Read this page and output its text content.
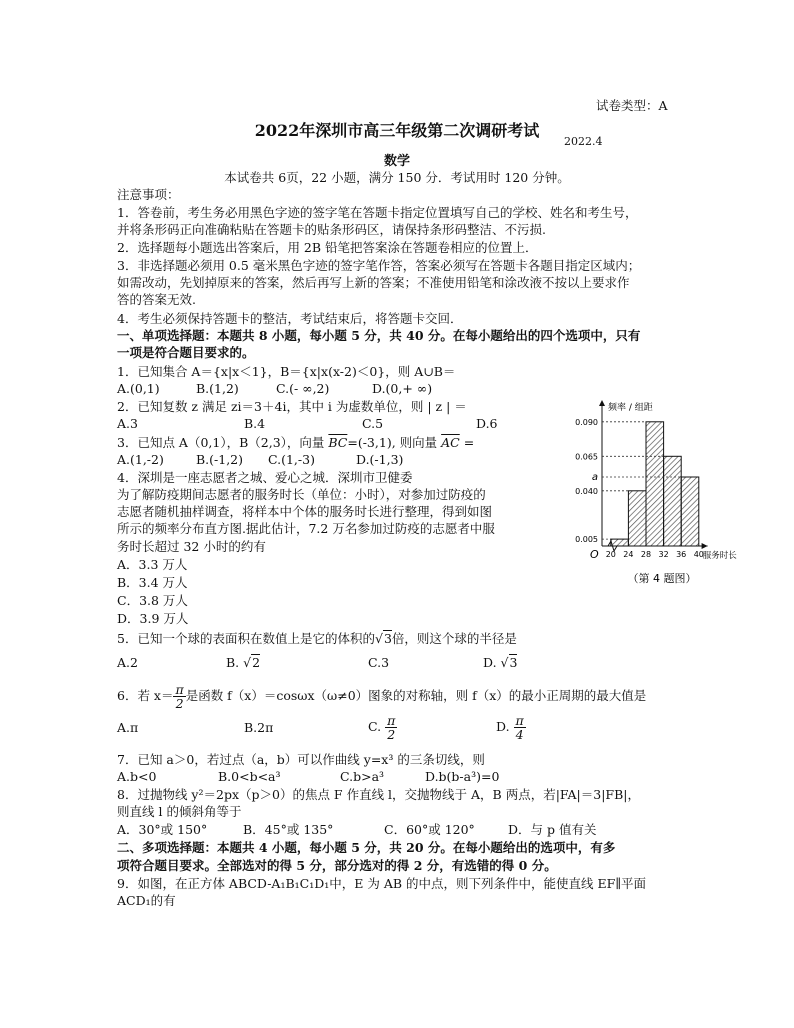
试卷类型：A
2022年深圳市高三年级第二次调研考试
2022.4
数学
本试卷共 6页，22 小题，满分 150 分．考试用时 120 分钟。
注意事项：
1．答卷前，考生务必用黑色字迹的签字笔在答题卡指定位置填写自己的学校、姓名和考生号，
并将条形码正向准确粘贴在答题卡的贴条形码区，请保持条形码整洁、不污损.
2．选择题每小题选出答案后，用 2B 铅笔把答案涂在答题卷相应的位置上．
3．非选择题必须用 0.5 毫米黑色字迹的签字笔作答，答案必须写在答题卡各题目指定区域内；
如需改动，先划掉原来的答案，然后再写上新的答案；不准使用铅笔和涂改液不按以上要求作
答的答案无效.
4．考生必须保持答题卡的整洁，考试结束后，将答题卡交回．
一、单项选择题：本题共 8 小题，每小题 5 分，共 40 分。在每小题给出的四个选项中，只有
一项是符合题目要求的。
1．已知集合 A＝{x|x＜1}，B＝{x|x(x-2)＜0}，则 A∪B＝
A.(0,1)	B.(1,2)	C.(- ∞,2)	D.(0,+ ∞)
2．已知复数 z 满足 zi＝3＋4i，其中 i 为虚数单位，则 | z | ＝
A.3	B.4	C.5	D.6
3．已知点 A（0,1），B（2,3），向量 $\overline{BC}=(-3,1)$, 则向量 $\overline{AC}$ =
A.(1,-2)	B.(-1,2) C.(1,-3)	D.(-1,3)
4．深圳是一座志愿者之城、爱心之城．深圳市卫健委
为了解防疫期间志愿者的服务时长（单位：小时），对参加过防疫的
志愿者随机抽样调查，将样本中个体的服务时长进行整理，得到如图
所示的频率分布直方图.据此估计，7.2 万名参加过防疫的志愿者中服
务时长超过 32 小时的约有
A．3.3 万人
B．3.4 万人
C．3.8 万人
D．3.9 万人
频率 / 组距
服务时长
O
0.005
0.040
a
0.065
0.090
20 24 28 32 36 40
（第 4 题图）
5．已知一个球的表面积在数值上是它的体积的√3倍，则这个球的半径是
A.2	B. √2	C.3	D. √3
6．若 $x= \frac{\pi}{2}$ 是函数 f（x）＝cosωx（ω≠0）图象的对称轴，则 f（x）的最小正周期的最大值是
A.π	B.2π	C. $\frac{\pi}{2}$	D. $\frac{\pi}{4}$
7．已知 a＞0，若过点（a，b）可以作曲线 y=x³ 的三条切线，则
A.b<0	B.0<b<a³	C.b>a³	D.b(b-a³)=0
8．过抛物线 y²＝2px（p＞0）的焦点 F 作直线 l，交抛物线于 A，B 两点，若|FA|＝3|FB|，
则直线 l 的倾斜角等于
A．30°或 150°	B．45°或 135°	C．60°或 120°	D．与 p 值有关
二、多项选择题：本题共 4 小题，每小题 5 分，共 20 分。在每小题给出的选项中，有多
项符合题目要求。全部选对的得 5 分，部分选对的得 2 分，有选错的得 0 分。
9．如图，在正方体 ABCD-A₁B₁C₁D₁中，E 为 AB 的中点，则下列条件中，能使直线 EF∥平面
ACD₁的有
